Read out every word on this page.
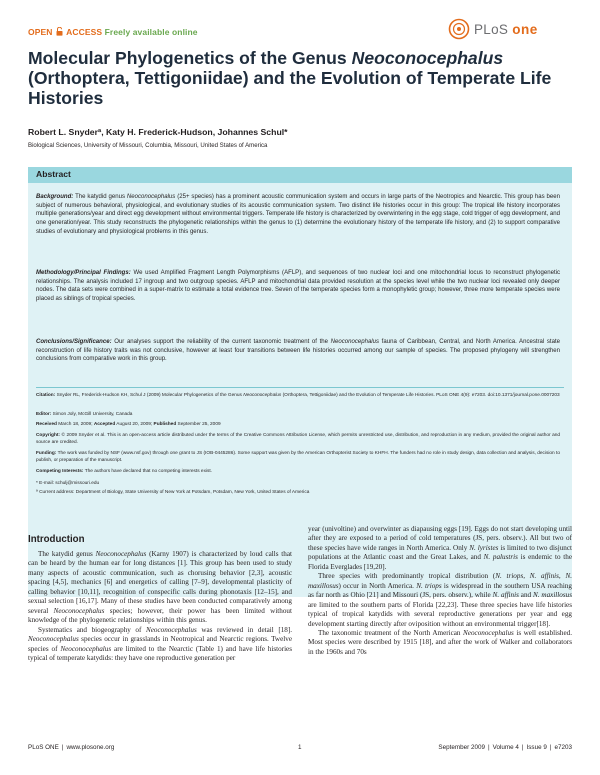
OPEN ACCESS Freely available online	PLoS one
Molecular Phylogenetics of the Genus Neoconocephalus (Orthoptera, Tettigoniidae) and the Evolution of Temperate Life Histories
Robert L. Snyderª, Katy H. Frederick-Hudson, Johannes Schul*
Biological Sciences, University of Missouri, Columbia, Missouri, United States of America
Abstract
Background: The katydid genus Neoconocephalus (25+ species) has a prominent acoustic communication system and occurs in large parts of the Neotropics and Nearctic. This group has been subject of numerous behavioral, physiological, and evolutionary studies of its acoustic communication system. Two distinct life histories occur in this group: The tropical life history incorporates multiple generations/year and direct egg development without environmental triggers. Temperate life history is characterized by overwintering in the egg stage, cold trigger of egg development, and one generation/year. This study reconstructs the phylogenetic relationships within the genus to (1) determine the evolutionary history of the temperate life history, and (2) to support comparative studies of evolutionary and physiological problems in this genus.
Methodology/Principal Findings: We used Amplified Fragment Length Polymorphisms (AFLP), and sequences of two nuclear loci and one mitochondrial locus to reconstruct phylogenetic relationships. The analysis included 17 ingroup and two outgroup species. AFLP and mitochondrial data provided resolution at the species level while the two nuclear loci revealed only deeper nodes. The data sets were combined in a super-matrix to estimate a total evidence tree. Seven of the temperate species form a monophyletic group; however, three more temperate species were placed as siblings of tropical species.
Conclusions/Significance: Our analyses support the reliability of the current taxonomic treatment of the Neoconocephalus fauna of Caribbean, Central, and North America. Ancestral state reconstruction of life history traits was not conclusive, however at least four transitions between life histories occurred among our sample of species. The proposed phylogeny will strengthen conclusions from comparative work in this group.
Citation: Snyder RL, Frederick-Hudson KH, Schul J (2009) Molecular Phylogenetics of the Genus Neoconocephalus (Orthoptera, Tettigoniidae) and the Evolution of Temperate Life Histories. PLoS ONE 4(9): e7203. doi:10.1371/journal.pone.0007203
Editor: Simon Joly, McGill University, Canada
Received March 18, 2009; Accepted August 20, 2009; Published September 25, 2009
Copyright: © 2009 Snyder et al. This is an open-access article distributed under the terms of the Creative Commons Attribution License, which permits unrestricted use, distribution, and reproduction in any medium, provided the original author and source are credited.
Funding: The work was funded by NSF (www.nsf.gov) through one grant to JS (IOB-0445286). Some support was given by the American Orthopterist Society to KHFH. The funders had no role in study design, data collection and analysis, decision to publish, or preparation of the manuscript.
Competing Interests: The authors have declared that no competing interests exist.
* E-mail: schulj@missouri.edu
ª Current address: Department of Biology, State University of New York at Potsdam, Potsdam, New York, United States of America
Introduction

The katydid genus Neoconocephalus (Karny 1907) is characterized by loud calls that can be heard by the human ear for long distances [1]. This group has been used to study many aspects of acoustic communication, such as chorusing behavior [2,3], acoustic spacing [4,5], mechanics [6] and energetics of calling [7–9], developmental plasticity of calling behavior [10,11], recognition of conspecific calls during phonotaxis [12–15], and sexual selection [16,17]. Many of these studies have been conducted comparatively among several Neoconocephalus species; however, their power has been limited without knowledge of the phylogenetic relationships within this genus.

Systematics and biogeography of Neoconocephalus was reviewed in detail [18]. Neoconocephalus species occur in grasslands in Neotropical and Nearctic regions. Twelve species of Neoconocephalus are limited to the Nearctic (Table 1) and have life histories typical of temperate katydids: they have one reproductive generation per

year (univoltine) and overwinter as diapausing eggs [19]. Eggs do not start developing until after they are exposed to a period of cold temperatures (JS, pers. observ.). All but two of these species have wide ranges in North America. Only N. lyristes is limited to two disjunct populations at the Atlantic coast and the Great Lakes, and N. palustris is endemic to the Florida Everglades [19,20].

Three species with predominantly tropical distribution (N. triops, N. affinis, N. maxillosus) occur in North America. N. triops is widespread in the southern USA reaching as far north as Ohio [21] and Missouri (JS, pers. observ.), while N. affinis and N. maxillosus are limited to the southern parts of Florida [22,23]. These three species have life histories typical of tropical katydids with several reproductive generations per year and egg development starting directly after oviposition without an environmental trigger[18].

The taxonomic treatment of the North American Neoconocephalus is well established. Most species were described by 1915 [18], and after the work of Walker and collaborators in the 1960s and 70s

PLoS ONE | www.plosone.org	1	September 2009 | Volume 4 | Issue 9 | e7203
